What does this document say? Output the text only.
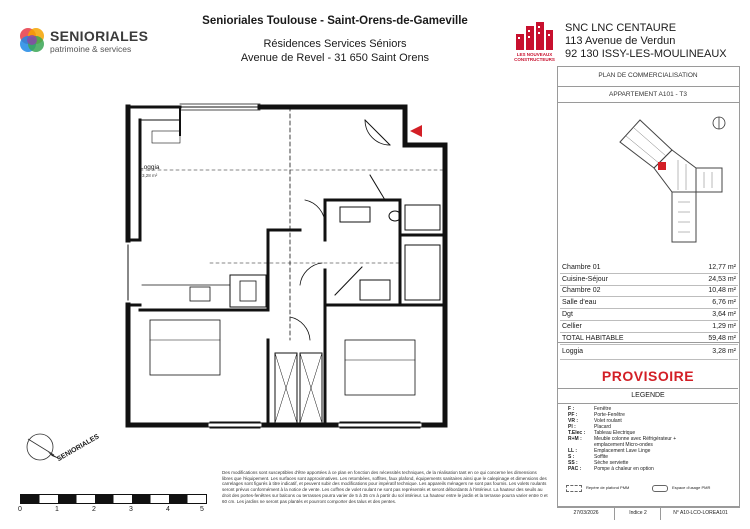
SENIORIALES
patrimoine & services
Senioriales Toulouse - Saint-Orens-de-Gameville
Résidences Services Séniors
Avenue de Revel - 31 650 Saint Orens	LES NOUVEAUX CONSTRUCTEURS
SNC LNC CENTAURE
113 Avenue de Verdun
92 130 ISSY-LES-MOULINEAUX
PLAN DE COMMERCIALISATION
APPARTEMENT A101 - T3
Chambre 01	12,77 m²
Cuisine-Séjour	24,53 m²
Chambre 02	10,48 m²
Salle d'eau	6,76 m²
Dgt	3,64 m²
Cellier	1,29 m²
TOTAL HABITABLE	59,48 m²
Loggia	3,28 m²
PROVISOIRE
LEGENDE
F :	Fenêtre
PF :	Porte-Fenêtre
VR :	Volet roulant
Pl :	Placard
T.Elec : Tableau Electrique
R+M : Meuble colonne avec Réfrigérateur + emplacement Micro-ondes
LL :	Emplacement Lave Linge
S :	Soffite
SS :	Sèche serviette
PAC :	Pompe à chaleur en option
Repère de plafond PMM	Espace d'usage PMR
27/03/2026	Indice 2	N° A10-LCO-LOREA101
Loggia
3,28 m²
SENIORIALES
0	1	2	3	4	5
Des modifications sont susceptibles d'être apportées à ce plan en fonction des nécessités techniques, de la réalisation tant en ce qui concerne les dimensions libres que l'équipement. Les surfaces sont approximatives. Les retombées, soffites, faux plafond, équipements sanitaires ainsi que le calepinage et dimensions des carrelages sont figurés à titre indicatif, et peuvent subir des modifications pour impératif technique. Les appareils ménagers ne sont pas fournis. Les volets roulants seront prévus conformément à la notice de vente. Les coffres de volet roulant ne sont pas représentés et seront débordants à l'intérieur. La hauteur des seuils au droit des portes-fenêtres sur balcons ou terrasses pourra varier de 5 à 35 cm à partir du sol intérieur. La hauteur entre le jardin et la terrasse pourra varier entre 0 et 60 cm. Les jardins ne seront pas plantés et pourront comporter des talus et des pentes.
